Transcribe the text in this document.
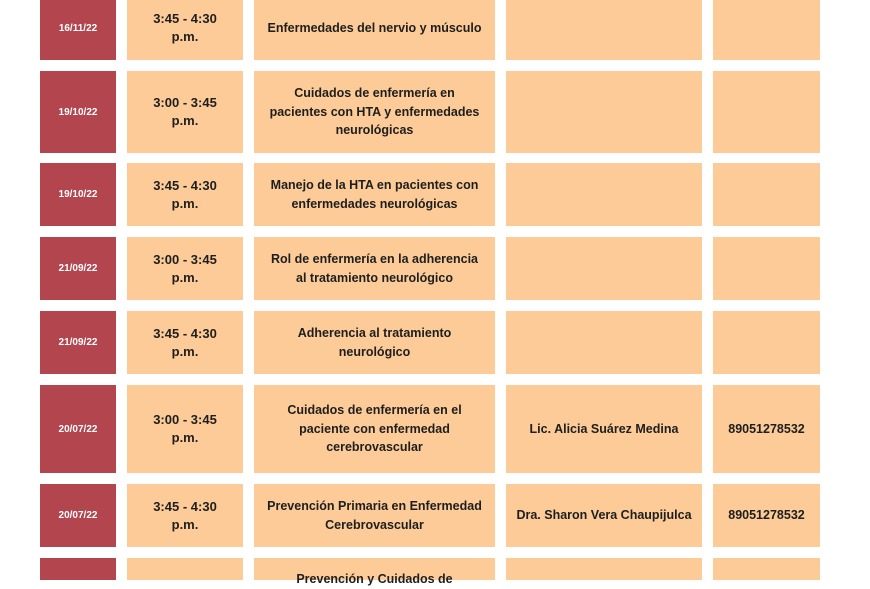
16/11/22
3:45 - 4:30 p.m.
Enfermedades del nervio y músculo
19/10/22
3:00 - 3:45 p.m.
Cuidados de enfermería en pacientes con HTA y enfermedades neurológicas
19/10/22
3:45 - 4:30 p.m.
Manejo de la HTA en pacientes con enfermedades neurológicas
21/09/22
3:00 - 3:45 p.m.
Rol de enfermería en la adherencia al tratamiento neurológico
21/09/22
3:45 - 4:30 p.m.
Adherencia al tratamiento neurológico
20/07/22
3:00 - 3:45 p.m.
Cuidados de enfermería en el paciente con enfermedad cerebrovascular
Lic. Alicia Suárez Medina	89051278532
20/07/22
3:45 - 4:30 p.m.
Prevención Primaria en Enfermedad Cerebrovascular
Dra. Sharon Vera Chaupijulca	89051278532
Prevención y Cuidados de
